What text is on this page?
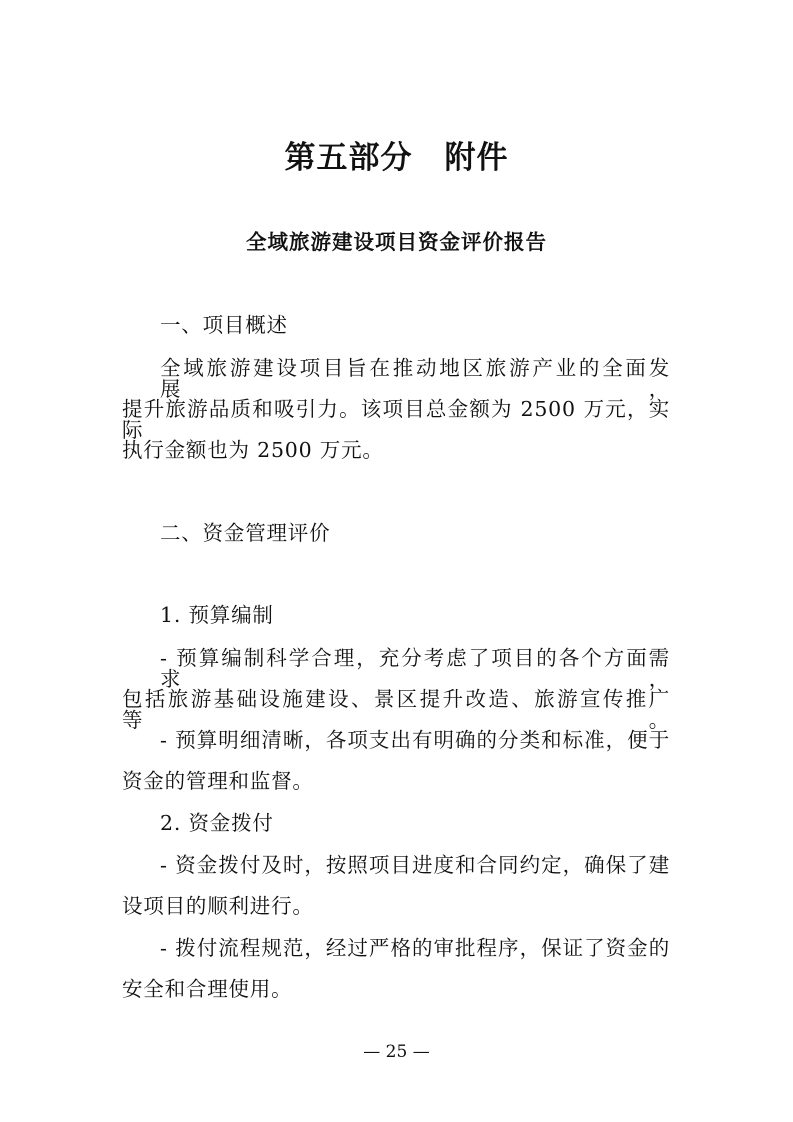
第五部分　附件
全域旅游建设项目资金评价报告

一、项目概述

全域旅游建设项目旨在推动地区旅游产业的全面发展，

提升旅游品质和吸引力。该项目总金额为 2500 万元，实际

执行金额也为 2500 万元。

二、资金管理评价

1. 预算编制

- 预算编制科学合理，充分考虑了项目的各个方面需求，

包括旅游基础设施建设、景区提升改造、旅游宣传推广等。

- 预算明细清晰，各项支出有明确的分类和标准，便于

资金的管理和监督。

2. 资金拨付

- 资金拨付及时，按照项目进度和合同约定，确保了建

设项目的顺利进行。

- 拨付流程规范，经过严格的审批程序，保证了资金的

安全和合理使用。

— 25 —
